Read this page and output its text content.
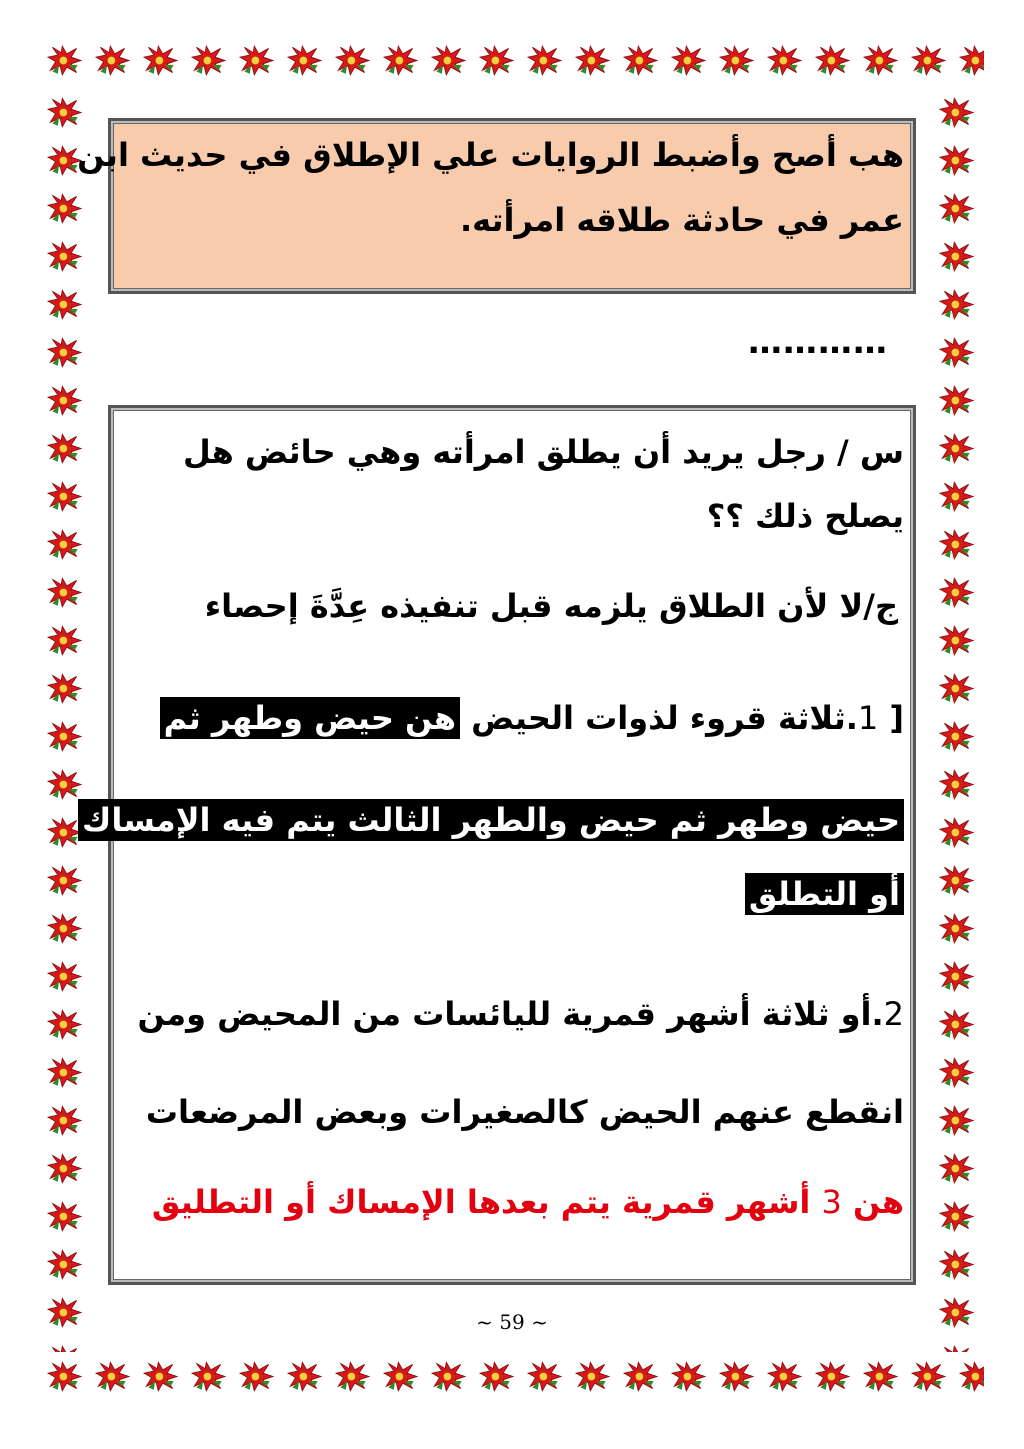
هب أصح وأضبط الروايات علي الإطلاق في حديث ابن
عمر في حادثة طلاقه امرأته.
…………
س / رجل يريد أن يطلق امرأته وهي حائض هل
يصلح ذلك ؟؟
ج/لا لأن الطلاق يلزمه قبل تنفيذه عِدَّةَ إحصاء
[ 1.ثلاثة قروء لذوات الحيض هن حيض وطهر ثم
حيض وطهر ثم حيض والطهر الثالث يتم فيه الإمساك
أو التطلق
2.أو ثلاثة أشهر قمرية لليائسات من المحيض ومن
انقطع عنهم الحيض كالصغيرات وبعض المرضعات
هن 3 أشهر قمرية يتم بعدها الإمساك أو التطليق
~ 59 ~
